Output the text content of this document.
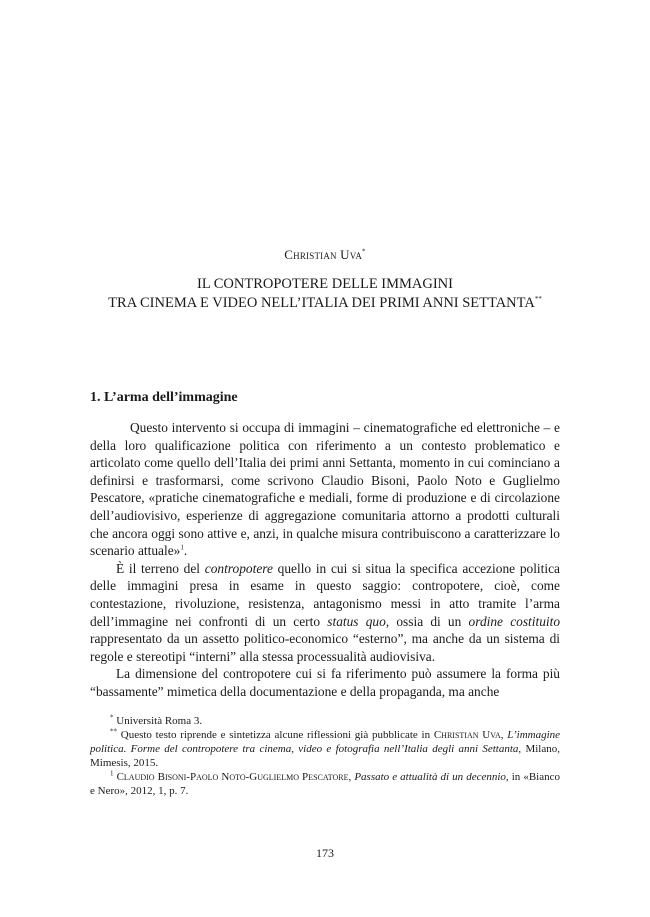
Christian Uva*
IL CONTROPOTERE DELLE IMMAGINI
TRA CINEMA E VIDEO NELL’ITALIA DEI PRIMI ANNI SETTANTA**
1. L’arma dell’immagine

Questo intervento si occupa di immagini – cinematografiche ed elettroniche – e della loro qualificazione politica con riferimento a un contesto problematico e articolato come quello dell’Italia dei primi anni Settanta, momento in cui cominciano a definirsi e trasformarsi, come scrivono Claudio Bisoni, Paolo Noto e Guglielmo Pescatore, «pratiche cinematografiche e mediali, forme di produzione e di circolazione dell’audiovisivo, esperienze di aggregazione comunitaria attorno a prodotti culturali che ancora oggi sono attive e, anzi, in qualche misura contribuiscono a caratterizzare lo scenario attuale»$^1$.

È il terreno del contropotere quello in cui si situa la specifica accezione politica delle immagini presa in esame in questo saggio: contropotere, cioè, come contestazione, rivoluzione, resistenza, antagonismo messi in atto tramite l’arma dell’immagine nei confronti di un certo status quo, ossia di un ordine costituito rappresentato da un assetto politico-economico “esterno”, ma anche da un sistema di regole e stereotipi “interni” alla stessa processualità audiovisiva.

La dimensione del contropotere cui si fa riferimento può assumere la forma più “bassamente” mimetica della documentazione e della propaganda, ma anche

* Università Roma 3.

** Questo testo riprende e sintetizza alcune riflessioni già pubblicate in Christian Uva, L’immagine politica. Forme del contropotere tra cinema, video e fotografia nell’Italia degli anni Settanta, Milano, Mimesis, 2015.

$^1$ Claudio Bisoni-Paolo Noto-Guglielmo Pescatore, Passato e attualità di un decennio, in «Bianco e Nero», 2012, 1, p. 7.

173
